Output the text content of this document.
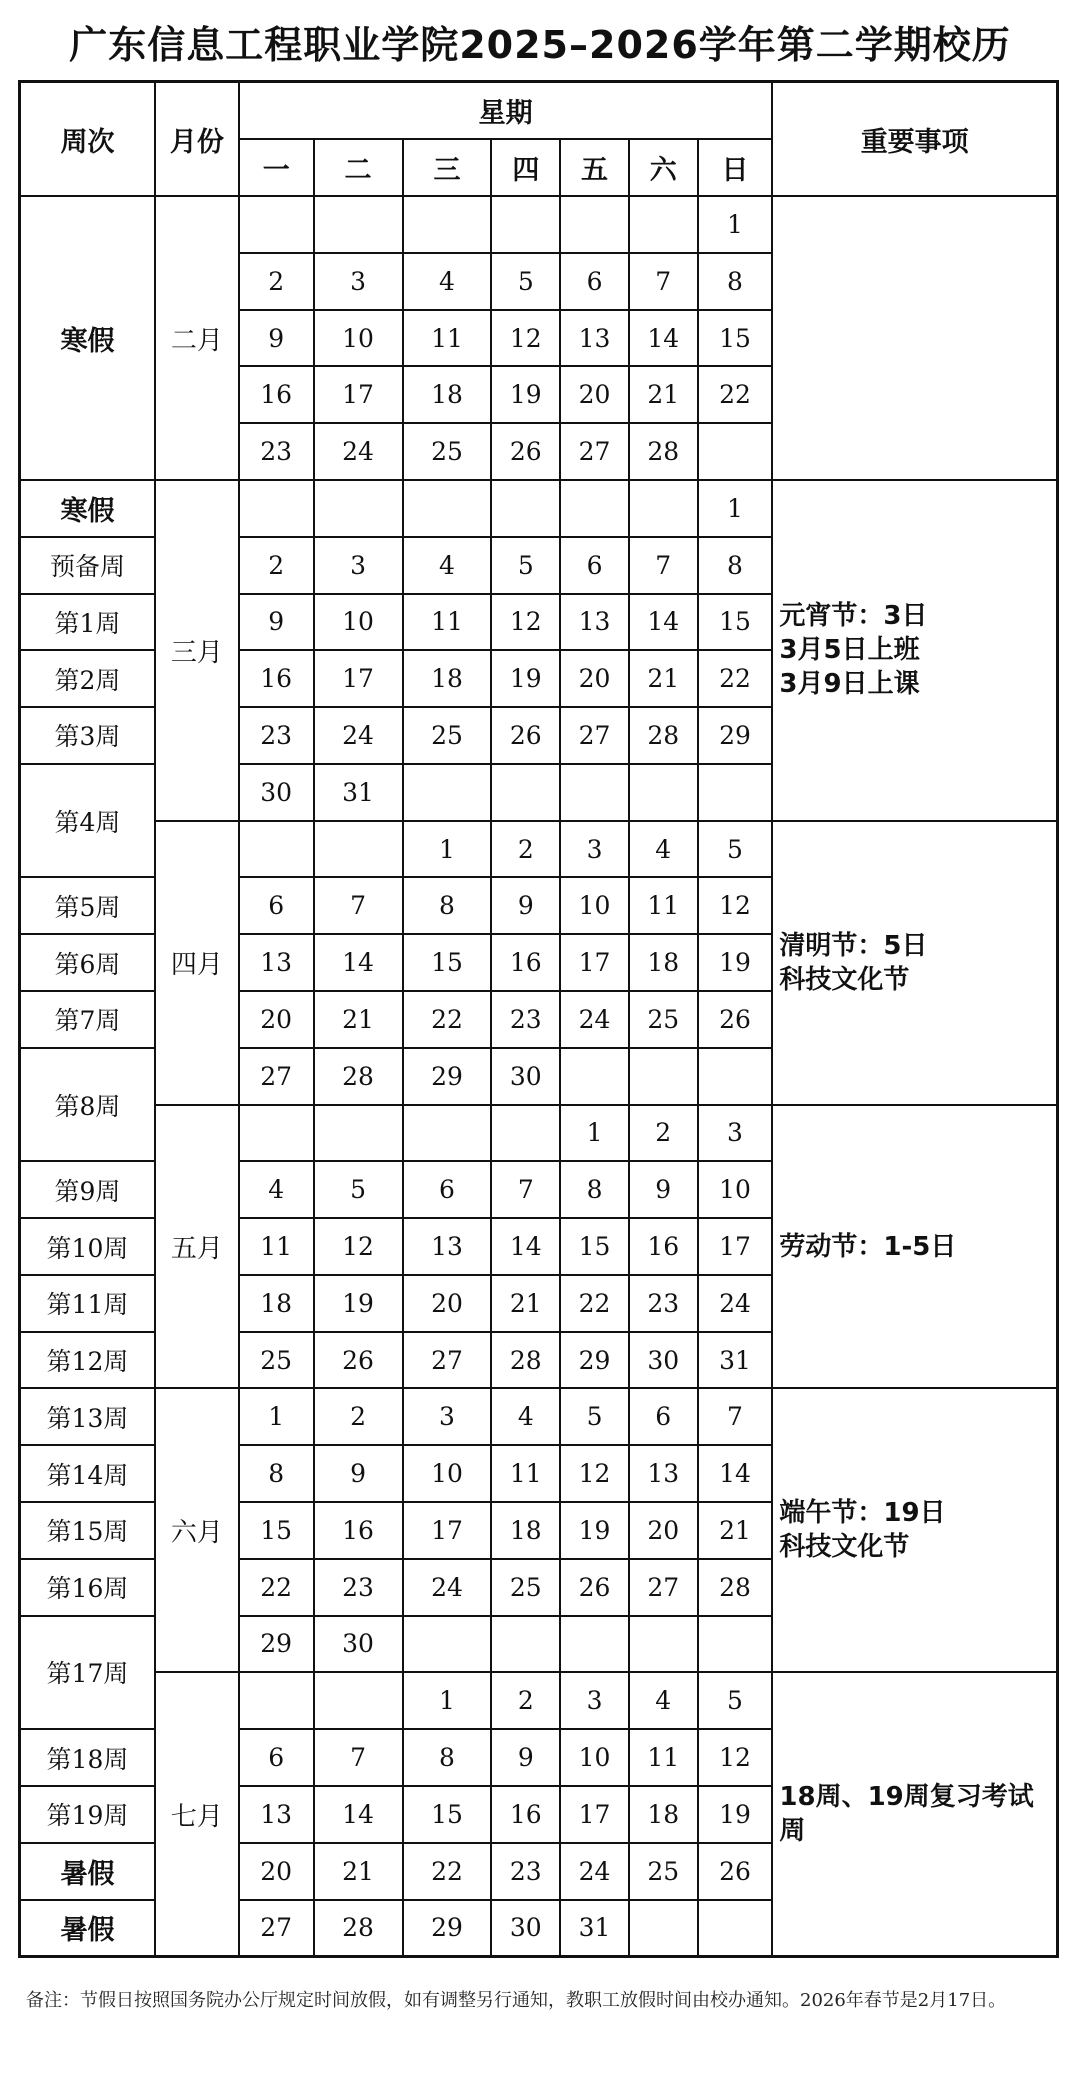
广东信息工程职业学院2025–2026学年第二学期校历
周次	月份	星期							重要事项
		一	二	三	四	五	六	日	
寒假	二月							1	
		2	3	4	5	6	7	8	
		9	10	11	12	13	14	15	
		16	17	18	19	20	21	22	
		23	24	25	26	27	28		
寒假	三月							1	元宵节：3日
3月5日上班
3月9日上课

预备周		2	3	4	5	6	7	8	
第1周		9	10	11	12	13	14	15	
第2周		16	17	18	19	20	21	22	
第3周		23	24	25	26	27	28	29	
第4周		30	31						
	四月			1	2	3	4	5	清明节：5日
科技文化节

第5周		6	7	8	9	10	11	12	
第6周		13	14	15	16	17	18	19	
第7周		20	21	22	23	24	25	26	
第8周		27	28	29	30				
	五月					1	2	3	劳动节：1-5日

第9周		4	5	6	7	8	9	10	
第10周		11	12	13	14	15	16	17	
第11周		18	19	20	21	22	23	24	
第12周		25	26	27	28	29	30	31	
第13周	六月	1	2	3	4	5	6	7	端午节：19日
科技文化节

第14周		8	9	10	11	12	13	14	
第15周		15	16	17	18	19	20	21	
第16周		22	23	24	25	26	27	28	
第17周		29	30						
	七月			1	2	3	4	5	18周、19周复习考试周

第18周		6	7	8	9	10	11	12	
第19周		13	14	15	16	17	18	19	
暑假		20	21	22	23	24	25	26	
暑假		27	28	29	30	31			
备注：节假日按照国务院办公厅规定时间放假，如有调整另行通知，教职工放假时间由校办通知。2026年春节是2月17日。
